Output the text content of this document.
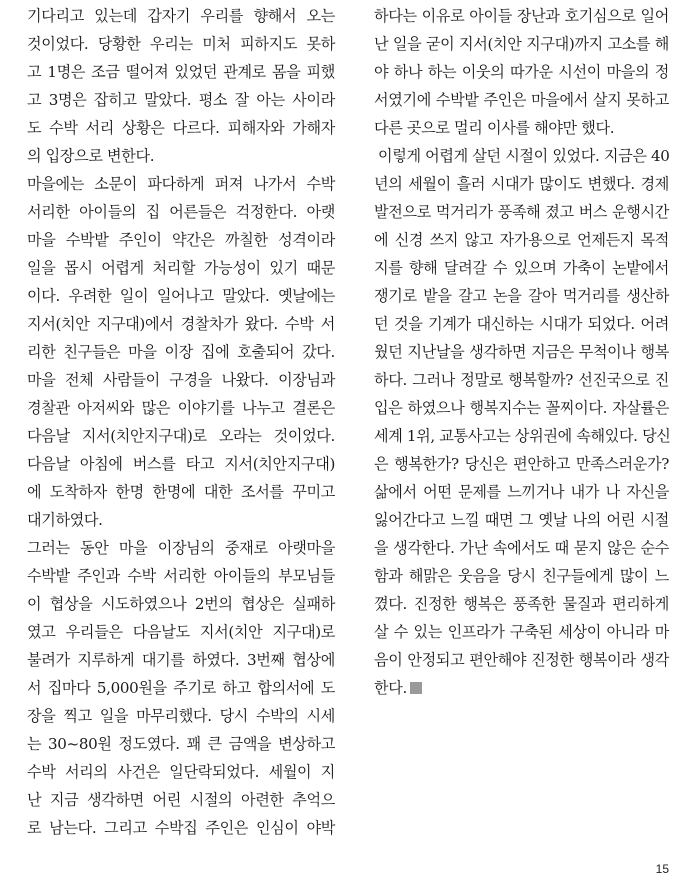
기다리고 있는데 갑자기 우리를 향해서 오는
것이었다. 당황한 우리는 미처 피하지도 못하
고 1명은 조금 떨어져 있었던 관계로 몸을 피했
고 3명은 잡히고 말았다. 평소 잘 아는 사이라
도 수박 서리 상황은 다르다. 피해자와 가해자
의 입장으로 변한다.
마을에는 소문이 파다하게 퍼져 나가서 수박
서리한 아이들의 집 어른들은 걱정한다. 아랫
마을 수박밭 주인이 약간은 까칠한 성격이라
일을 몹시 어렵게 처리할 가능성이 있기 때문
이다. 우려한 일이 일어나고 말았다. 옛날에는
지서(치안 지구대)에서 경찰차가 왔다. 수박 서
리한 친구들은 마을 이장 집에 호출되어 갔다.
마을 전체 사람들이 구경을 나왔다. 이장님과
경찰관 아저씨와 많은 이야기를 나누고 결론은
다음날 지서(치안지구대)로 오라는 것이었다.
다음날 아침에 버스를 타고 지서(치안지구대)
에 도착하자 한명 한명에 대한 조서를 꾸미고
대기하였다.
그러는 동안 마을 이장님의 중재로 아랫마을
수박밭 주인과 수박 서리한 아이들의 부모님들
이 협상을 시도하였으나 2번의 협상은 실패하
였고 우리들은 다음날도 지서(치안 지구대)로
불려가 지루하게 대기를 하였다. 3번째 협상에
서 집마다 5,000원을 주기로 하고 합의서에 도
장을 찍고 일을 마무리했다. 당시 수박의 시세
는 30~80원 정도였다. 꽤 큰 금액을 변상하고
수박 서리의 사건은 일단락되었다. 세월이 지
난 지금 생각하면 어린 시절의 아련한 추억으
로 남는다. 그리고 수박집 주인은 인심이 야박
하다는 이유로 아이들 장난과 호기심으로 일어
난 일을 굳이 지서(치안 지구대)까지 고소를 해
야 하나 하는 이웃의 따가운 시선이 마을의 정
서였기에 수박밭 주인은 마을에서 살지 못하고
다른 곳으로 멀리 이사를 해야만 했다.
이렇게 어렵게 살던 시절이 있었다. 지금은 40
년의 세월이 흘러 시대가 많이도 변했다. 경제
발전으로 먹거리가 풍족해 졌고 버스 운행시간
에 신경 쓰지 않고 자가용으로 언제든지 목적
지를 향해 달려갈 수 있으며 가축이 논밭에서
쟁기로 밭을 갈고 논을 갈아 먹거리를 생산하
던 것을 기계가 대신하는 시대가 되었다. 어려
웠던 지난날을 생각하면 지금은 무척이나 행복
하다. 그러나 정말로 행복할까? 선진국으로 진
입은 하였으나 행복지수는 꼴찌이다. 자살률은
세계 1위, 교통사고는 상위권에 속해있다. 당신
은 행복한가? 당신은 편안하고 만족스러운가?
삶에서 어떤 문제를 느끼거나 내가 나 자신을
잃어간다고 느낄 때면 그 옛날 나의 어린 시절
을 생각한다. 가난 속에서도 때 묻지 않은 순수
함과 해맑은 웃음을 당시 친구들에게 많이 느
꼈다. 진정한 행복은 풍족한 물질과 편리하게
살 수 있는 인프라가 구축된 세상이 아니라 마
음이 안정되고 편안해야 진정한 행복이라 생각
한다.
15
